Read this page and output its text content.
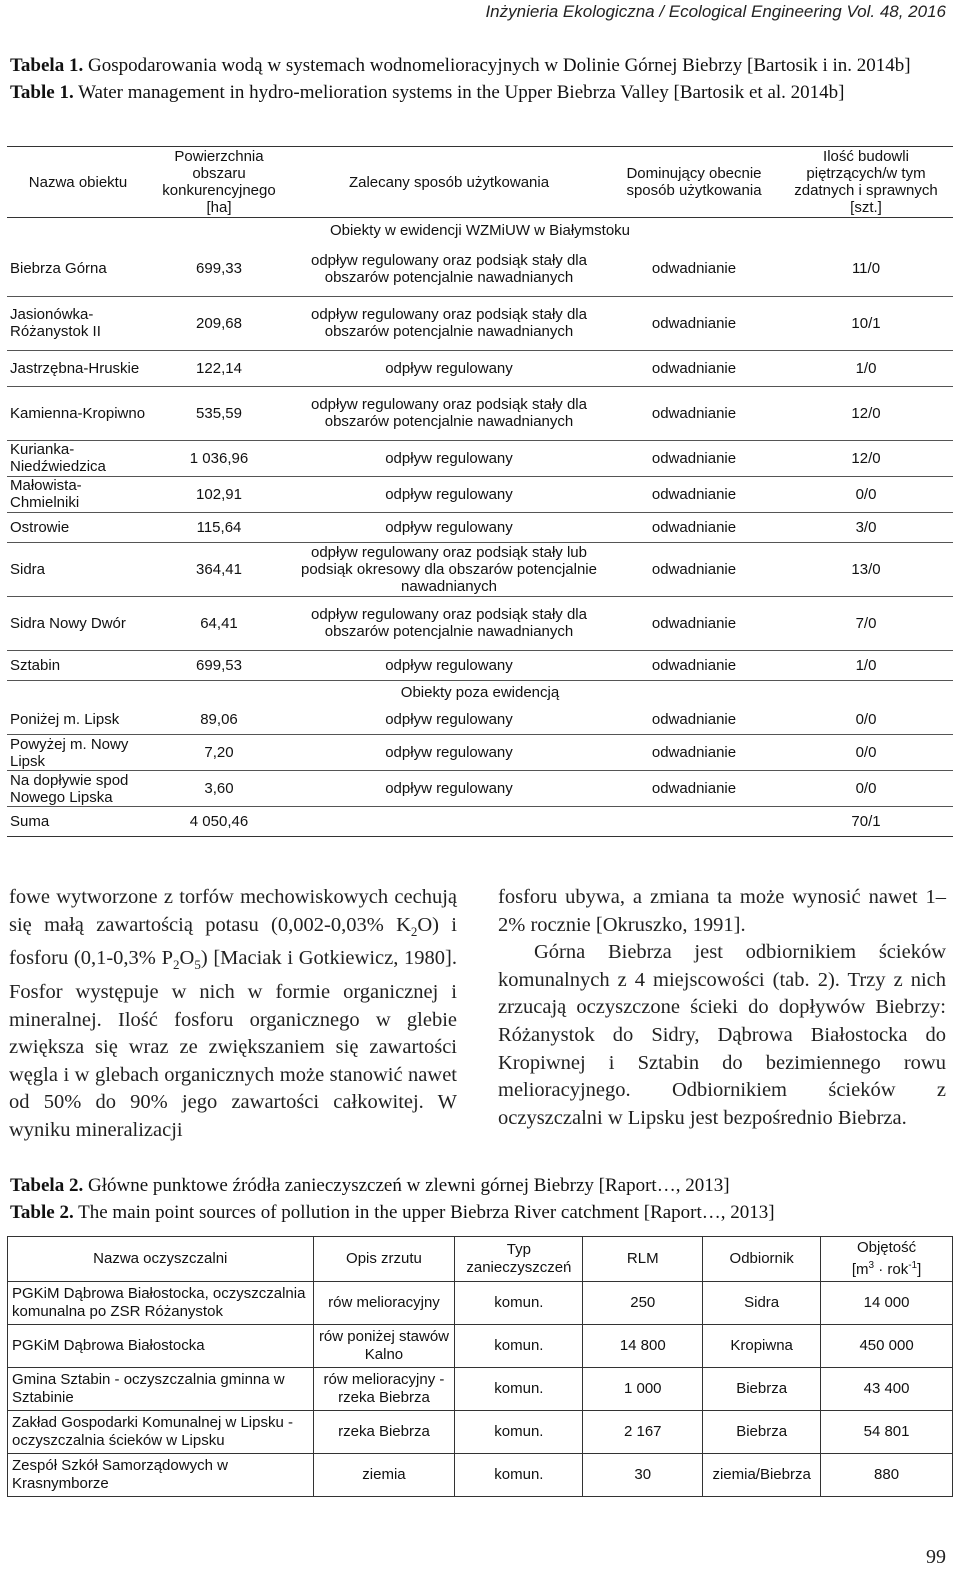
Inżynieria Ekologiczna / Ecological Engineering Vol. 48, 2016
Tabela 1. Gospodarowania wodą w systemach wodnomelioracyjnych w Dolinie Górnej Biebrzy [Bartosik i in. 2014b]
Table 1. Water management in hydro-melioration systems in the Upper Biebrza Valley [Bartosik et al. 2014b]
Nazwa obiektu	Powierzchnia obszaru konkurencyjnego [ha]	Zalecany sposób użytkowania	Dominujący obecnie sposób użytkowania	Ilość budowli piętrzących/w tym zdatnych i sprawnych [szt.]
Obiekty w ewidencji WZMiUW w Białymstoku				
Biebrza Górna	699,33	odpływ regulowany oraz podsiąk stały dla obszarów potencjalnie nawadnianych	odwadnianie	11/0
Jasionówka-Różanystok II	209,68	odpływ regulowany oraz podsiąk stały dla obszarów potencjalnie nawadnianych	odwadnianie	10/1
Jastrzębna-Hruskie	122,14	odpływ regulowany	odwadnianie	1/0
Kamienna-Kropiwno	535,59	odpływ regulowany oraz podsiąk stały dla obszarów potencjalnie nawadnianych	odwadnianie	12/0
Kurianka-Niedźwiedzica	1 036,96	odpływ regulowany	odwadnianie	12/0
Małowista-Chmielniki	102,91	odpływ regulowany	odwadnianie	0/0
Ostrowie	115,64	odpływ regulowany	odwadnianie	3/0
Sidra	364,41	odpływ regulowany oraz podsiąk stały lub podsiąk okresowy dla obszarów potencjalnie nawadnianych	odwadnianie	13/0
Sidra Nowy Dwór	64,41	odpływ regulowany oraz podsiąk stały dla obszarów potencjalnie nawadnianych	odwadnianie	7/0
Sztabin	699,53	odpływ regulowany	odwadnianie	1/0
Obiekty poza ewidencją				
Poniżej m. Lipsk	89,06	odpływ regulowany	odwadnianie	0/0
Powyżej m. Nowy Lipsk	7,20	odpływ regulowany	odwadnianie	0/0
Na dopływie spod Nowego Lipska	3,60	odpływ regulowany	odwadnianie	0/0
Suma	4 050,46			70/1

fowe wytworzone z torfów mechowiskowych cechują się małą zawartością potasu (0,002-0,03% $K_2O$) i fosforu (0,1-0,3% $P_2O_5$) [Maciak i Gotkiewicz, 1980]. Fosfor występuje w nich w formie organicznej i mineralnej. Ilość fosforu organicznego w glebie zwiększa się wraz ze zwiększaniem się zawartości węgla i w glebach organicznych może stanowić nawet od 50% do 90% jego zawartości całkowitej. W wyniku mineralizacji

fosforu ubywa, a zmiana ta może wynosić nawet 1–2% rocznie [Okruszko, 1991].

Górna Biebrza jest odbiornikiem ścieków komunalnych z 4 miejscowości (tab. 2). Trzy z nich zrzucają oczyszczone ścieki do dopływów Biebrzy: Różanystok do Sidry, Dąbrowa Białostocka do Kropiwnej i Sztabin do bezimiennego rowu melioracyjnego. Odbiornikiem ścieków z oczyszczalni w Lipsku jest bezpośrednio Biebrza.

Tabela 2. Główne punktowe źródła zanieczyszczeń w zlewni górnej Biebrzy [Raport…, 2013]
Table 2. The main point sources of pollution in the upper Biebrza River catchment [Raport…, 2013]
Nazwa oczyszczalni	Opis zrzutu	Typ zanieczyszczeń	RLM	Odbiornik	Objętość
$[m^3 \cdot rok^{-1}]$
PGKiM Dąbrowa Białostocka, oczyszczalnia komunalna po ZSR Różanystok	rów melioracyjny	komun.	250	Sidra	14 000
PGKiM Dąbrowa Białostocka	rów poniżej stawów Kalno	komun.	14 800	Kropiwna	450 000
Gmina Sztabin - oczyszczalnia gminna w Sztabinie	rów melioracyjny - rzeka Biebrza	komun.	1 000	Biebrza	43 400
Zakład Gospodarki Komunalnej w Lipsku - oczyszczalnia ścieków w Lipsku	rzeka Biebrza	komun.	2 167	Biebrza	54 801
Zespół Szkół Samorządowych w Krasnymborze	ziemia	komun.	30	ziemia/Biebrza	880
99
